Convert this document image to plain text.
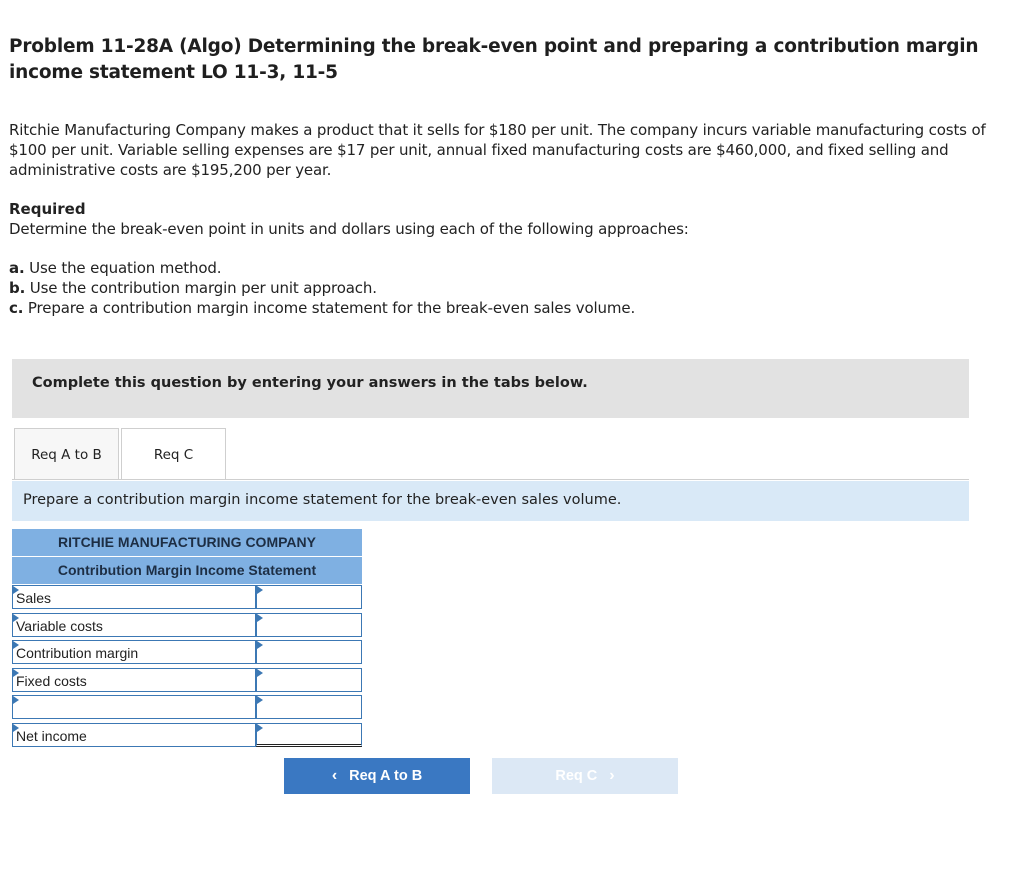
Problem 11-28A (Algo) Determining the break-even point and preparing a contribution margin income statement LO 11-3, 11-5
Ritchie Manufacturing Company makes a product that it sells for $180 per unit. The company incurs variable manufacturing costs of $100 per unit. Variable selling expenses are $17 per unit, annual fixed manufacturing costs are $460,000, and fixed selling and administrative costs are $195,200 per year.
Required
Determine the break-even point in units and dollars using each of the following approaches:
a. Use the equation method.
b. Use the contribution margin per unit approach.
c. Prepare a contribution margin income statement for the break-even sales volume.
Complete this question by entering your answers in the tabs below.
Req A to B	Req C
Prepare a contribution margin income statement for the break-even sales volume.
RITCHIE MANUFACTURING COMPANY
Contribution Margin Income Statement
Sales
Variable costs
Contribution margin
Fixed costs
Net income
‹ Req A to B	Req C ›
